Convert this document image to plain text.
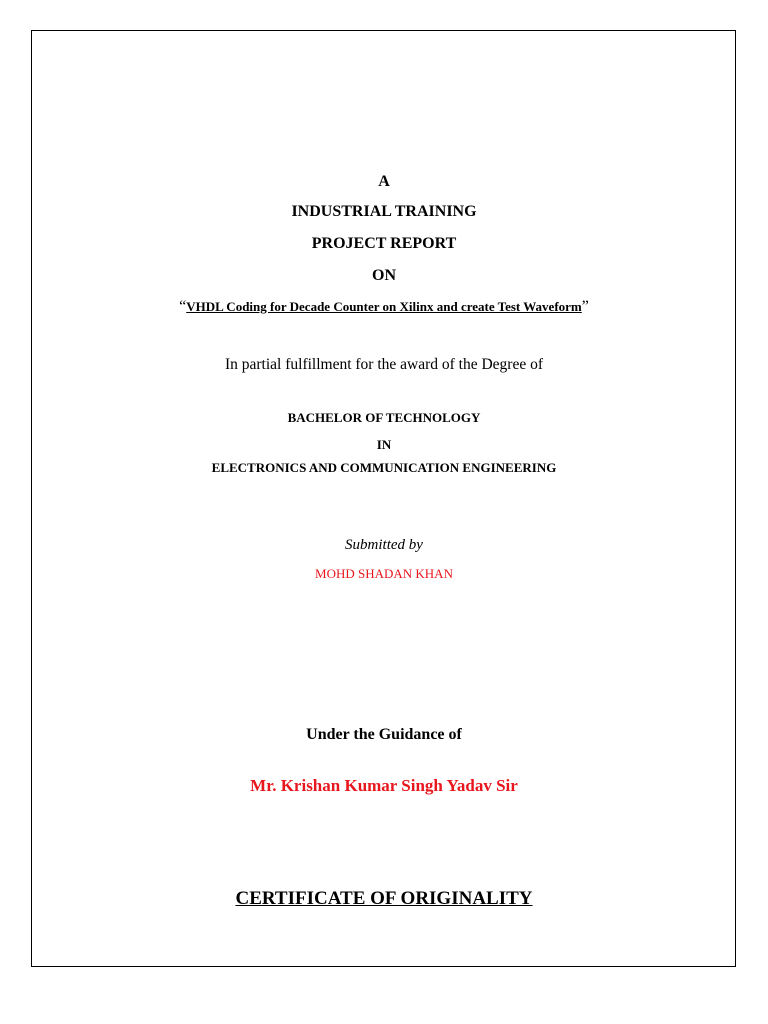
A
INDUSTRIAL TRAINING
PROJECT REPORT
ON
“VHDL Coding for Decade Counter on Xilinx and create Test Waveform”
In partial fulfillment for the award of the Degree of
BACHELOR OF TECHNOLOGY
IN
ELECTRONICS AND COMMUNICATION ENGINEERING
Submitted by
MOHD SHADAN KHAN
Under the Guidance of
Mr. Krishan Kumar Singh Yadav Sir
CERTIFICATE OF ORIGINALITY
